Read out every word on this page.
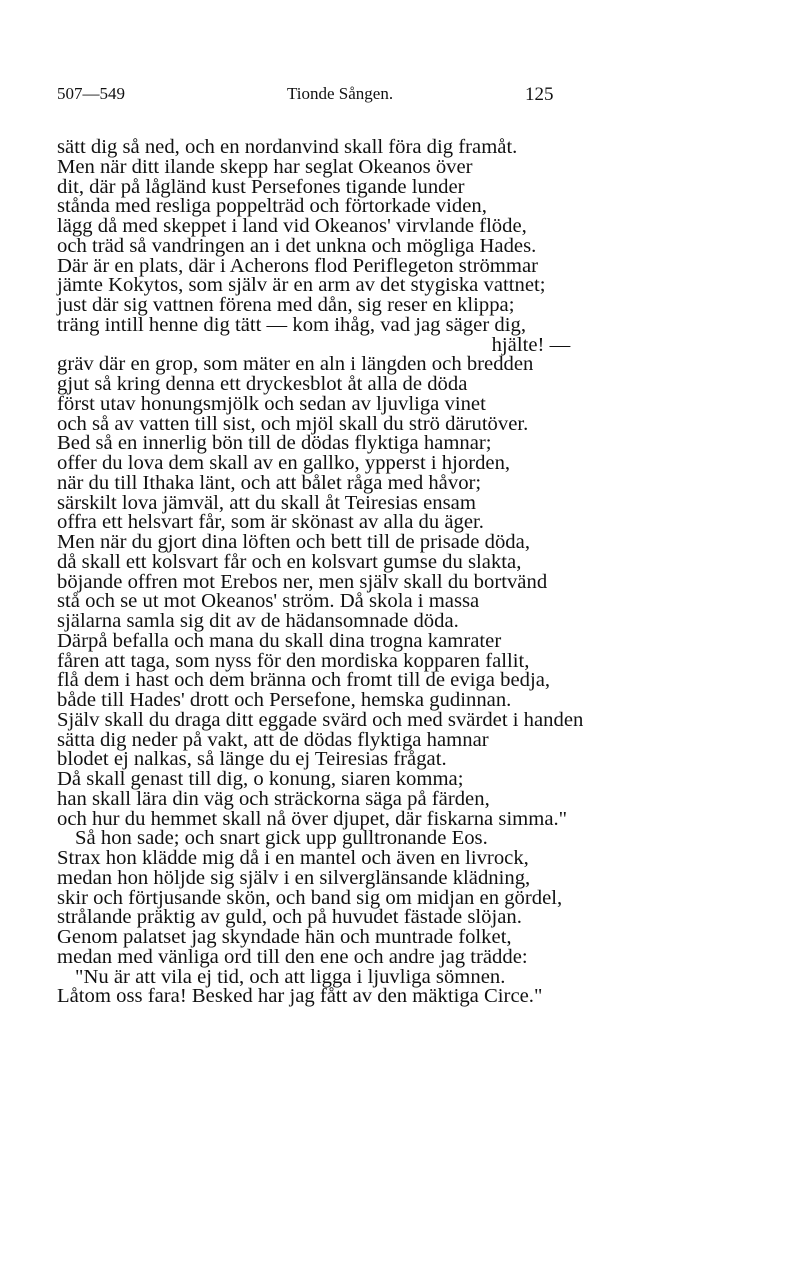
507—549	Tionde Sången.	125
sätt dig så ned, och en nordanvind skall föra dig framåt.
Men när ditt ilande skepp har seglat Okeanos över
dit, där på lågländ kust Persefones tigande lunder
stånda med resliga poppelträd och förtorkade viden,
lägg då med skeppet i land vid Okeanos' virvlande flöde,
och träd så vandringen an i det unkna och mögliga Hades.
Där är en plats, där i Acherons flod Periflegeton strömmar
jämte Kokytos, som själv är en arm av det stygiska vattnet;
just där sig vattnen förena med dån, sig reser en klippa;
träng intill henne dig tätt — kom ihåg, vad jag säger dig,
hjälte! —
gräv där en grop, som mäter en aln i längden och bredden
gjut så kring denna ett dryckesblot åt alla de döda
först utav honungsmjölk och sedan av ljuvliga vinet
och så av vatten till sist, och mjöl skall du strö därutöver.
Bed så en innerlig bön till de dödas flyktiga hamnar;
offer du lova dem skall av en gallko, ypperst i hjorden,
när du till Ithaka länt, och att bålet råga med håvor;
särskilt lova jämväl, att du skall åt Teiresias ensam
offra ett helsvart får, som är skönast av alla du äger.
Men när du gjort dina löften och bett till de prisade döda,
då skall ett kolsvart får och en kolsvart gumse du slakta,
böjande offren mot Erebos ner, men själv skall du bortvänd
stå och se ut mot Okeanos' ström. Då skola i massa
själarna samla sig dit av de hädansomnade döda.
Därpå befalla och mana du skall dina trogna kamrater
fåren att taga, som nyss för den mordiska kopparen fallit,
flå dem i hast och dem bränna och fromt till de eviga bedja,
både till Hades' drott och Persefone, hemska gudinnan.
Själv skall du draga ditt eggade svärd och med svärdet i handen
sätta dig neder på vakt, att de dödas flyktiga hamnar
blodet ej nalkas, så länge du ej Teiresias frågat.
Då skall genast till dig, o konung, siaren komma;
han skall lära din väg och sträckorna säga på färden,
och hur du hemmet skall nå över djupet, där fiskarna simma."
Så hon sade; och snart gick upp gulltronande Eos.
Strax hon klädde mig då i en mantel och även en livrock,
medan hon höljde sig själv i en silverglänsande klädning,
skir och förtjusande skön, och band sig om midjan en gördel,
strålande präktig av guld, och på huvudet fästade slöjan.
Genom palatset jag skyndade hän och muntrade folket,
medan med vänliga ord till den ene och andre jag trädde:
"Nu är att vila ej tid, och att ligga i ljuvliga sömnen.
Låtom oss fara! Besked har jag fått av den mäktiga Circe."
